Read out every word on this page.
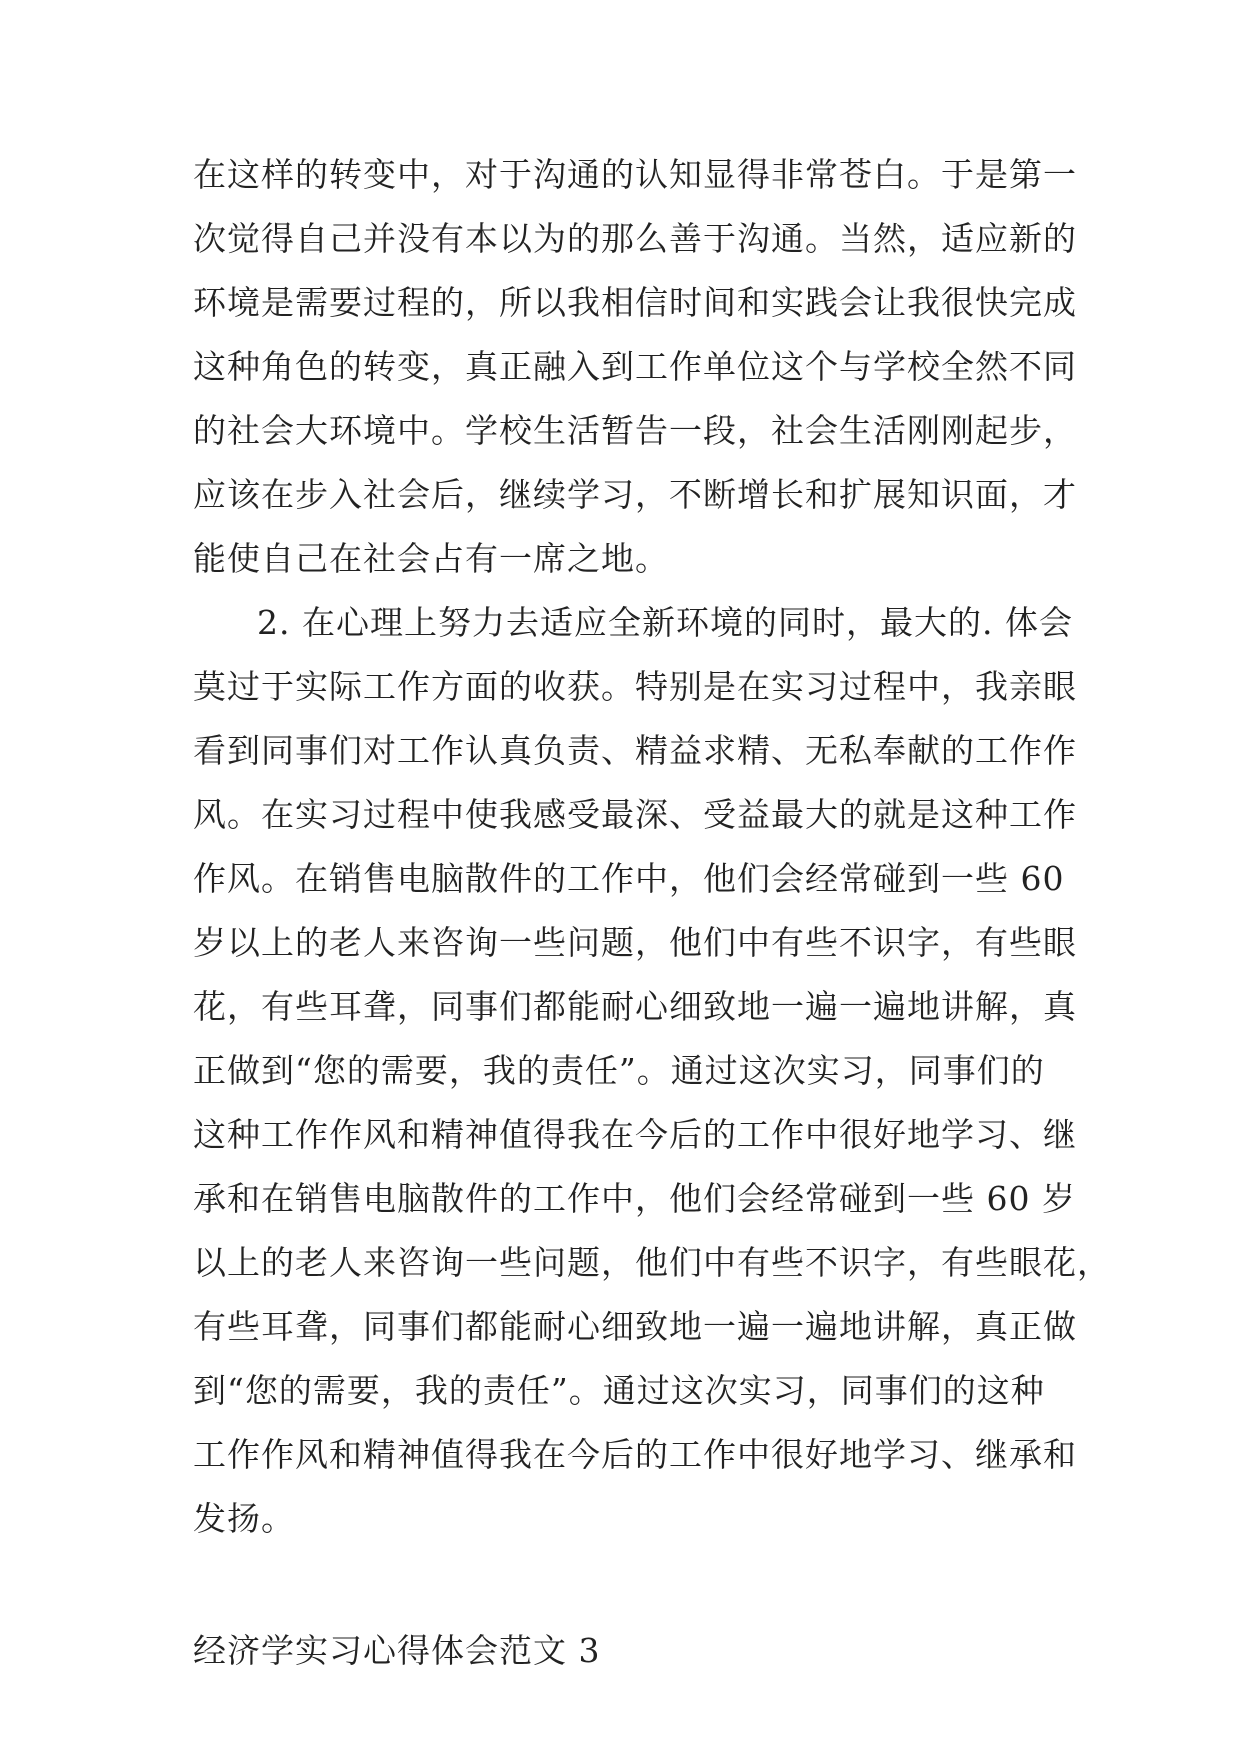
在这样的转变中，对于沟通的认知显得非常苍白。于是第一
次觉得自己并没有本以为的那么善于沟通。当然，适应新的
环境是需要过程的，所以我相信时间和实践会让我很快完成
这种角色的转变，真正融入到工作单位这个与学校全然不同
的社会大环境中。学校生活暂告一段，社会生活刚刚起步，
应该在步入社会后，继续学习，不断增长和扩展知识面，才
能使自己在社会占有一席之地。
2. 在心理上努力去适应全新环境的同时，最大的. 体会
莫过于实际工作方面的收获。特别是在实习过程中，我亲眼
看到同事们对工作认真负责、精益求精、无私奉献的工作作
风。在实习过程中使我感受最深、受益最大的就是这种工作
作风。在销售电脑散件的工作中，他们会经常碰到一些 60
岁以上的老人来咨询一些问题，他们中有些不识字，有些眼
花，有些耳聋，同事们都能耐心细致地一遍一遍地讲解，真
正做到“您的需要，我的责任”。通过这次实习，同事们的
这种工作作风和精神值得我在今后的工作中很好地学习、继
承和在销售电脑散件的工作中，他们会经常碰到一些 60 岁
以上的老人来咨询一些问题，他们中有些不识字，有些眼花，
有些耳聋，同事们都能耐心细致地一遍一遍地讲解，真正做
到“您的需要，我的责任”。通过这次实习，同事们的这种
工作作风和精神值得我在今后的工作中很好地学习、继承和
发扬。
经济学实习心得体会范文 3
